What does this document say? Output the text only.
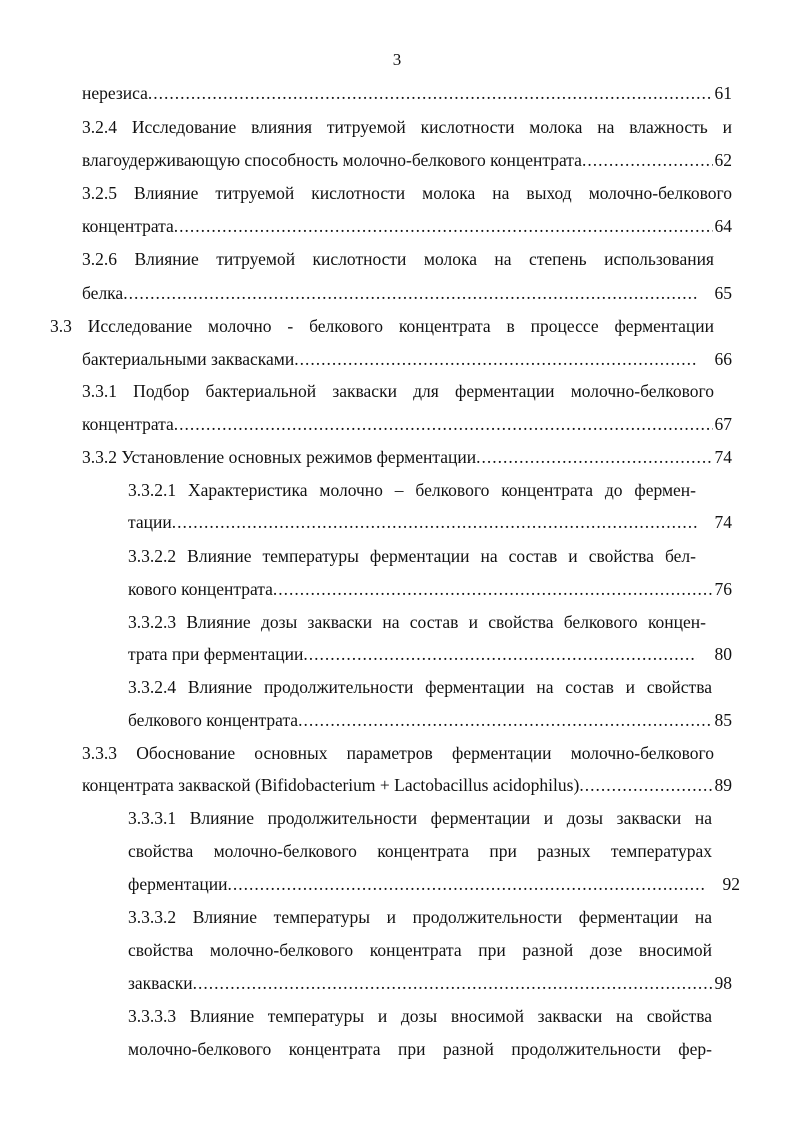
3
нерезиса .....	61
3.2.4 Исследование влияния титруемой кислотности молока на влажность и
влагоудерживающую способность молочно-белкового концентрата .....	62
3.2.5 Влияние титруемой кислотности молока на выход молочно-белкового
концентрата .....	64
3.2.6 Влияние титруемой кислотности молока на степень использования
белка .....	65
3.3 Исследование молочно - белкового концентрата в процессе ферментации
бактериальными заквасками .....	66
3.3.1 Подбор бактериальной закваски для ферментации молочно-белкового
концентрата .....	67
3.3.2 Установление основных режимов ферментации .....	74
3.3.2.1 Характеристика молочно – белкового концентрата до фермен-
тации .....	74
3.3.2.2 Влияние температуры ферментации на состав и свойства бел-
кового концентрата .....	76
3.3.2.3 Влияние дозы закваски на состав и свойства белкового концен-
трата при ферментации .....	80
3.3.2.4 Влияние продолжительности ферментации на состав и свойства
белкового концентрата .....	85
3.3.3 Обоснование основных параметров ферментации молочно-белкового
концентрата закваской (Bifidobacterium + Lactobacillus acidophilus) .....	89
3.3.3.1 Влияние продолжительности ферментации и дозы закваски на
свойства молочно-белкового концентрата при разных температурах
ферментации .....	92
3.3.3.2 Влияние температуры и продолжительности ферментации на
свойства молочно-белкового концентрата при разной дозе вносимой
закваски .....	98
3.3.3.3 Влияние температуры и дозы вносимой закваски на свойства
молочно-белкового концентрата при разной продолжительности фер-
